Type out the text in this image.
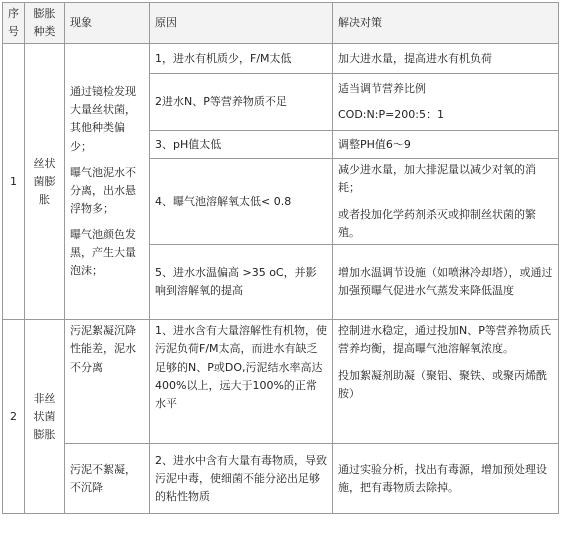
序号	膨胀种类	现象	原因	解决对策
1	丝状菌膨胀	通过镜检发现大量丝状菌，其他种类偏少；

曝气池泥水不分离，出水悬浮物多；

曝气池颜色发黑，产生大量泡沫；	1，进水有机质少，F/M太低	加大进水量，提高进水有机负荷

			2进水N、P等营养物质不足	适当调节营养比例

COD:N:P=200:5：1

			3、pH值太低	调整PH值6～9

			4、曝气池溶解氧太低< 0.8	减少进水量，加大排泥量以减少对氧的消耗；

或者投加化学药剂杀灭或抑制丝状菌的繁殖。

			5、进水水温偏高 >35 oC，并影响到溶解氧的提高	增加水温调节设施（如喷淋冷却塔），或通过加强预曝气促进水气蒸发来降低温度

2	非丝状菌膨胀	污泥絮凝沉降性能差，泥水不分离	1、进水含有大量溶解性有机物，使污泥负荷F/M太高，而进水有缺乏足够的N、P或DO,污泥结水率高达400%以上，远大于100%的正常水平	控制进水稳定，通过投加N、P等营养物质氏营养均衡，提高曝气池溶解氧浓度。

投加絮凝剂助凝（聚铝、聚铁、或聚丙烯酰胺）

		污泥不絮凝，不沉降	2、进水中含有大量有毒物质，导致污泥中毒，使细菌不能分泌出足够的粘性物质	通过实验分析，找出有毒源，增加预处理设施，把有毒物质去除掉。
